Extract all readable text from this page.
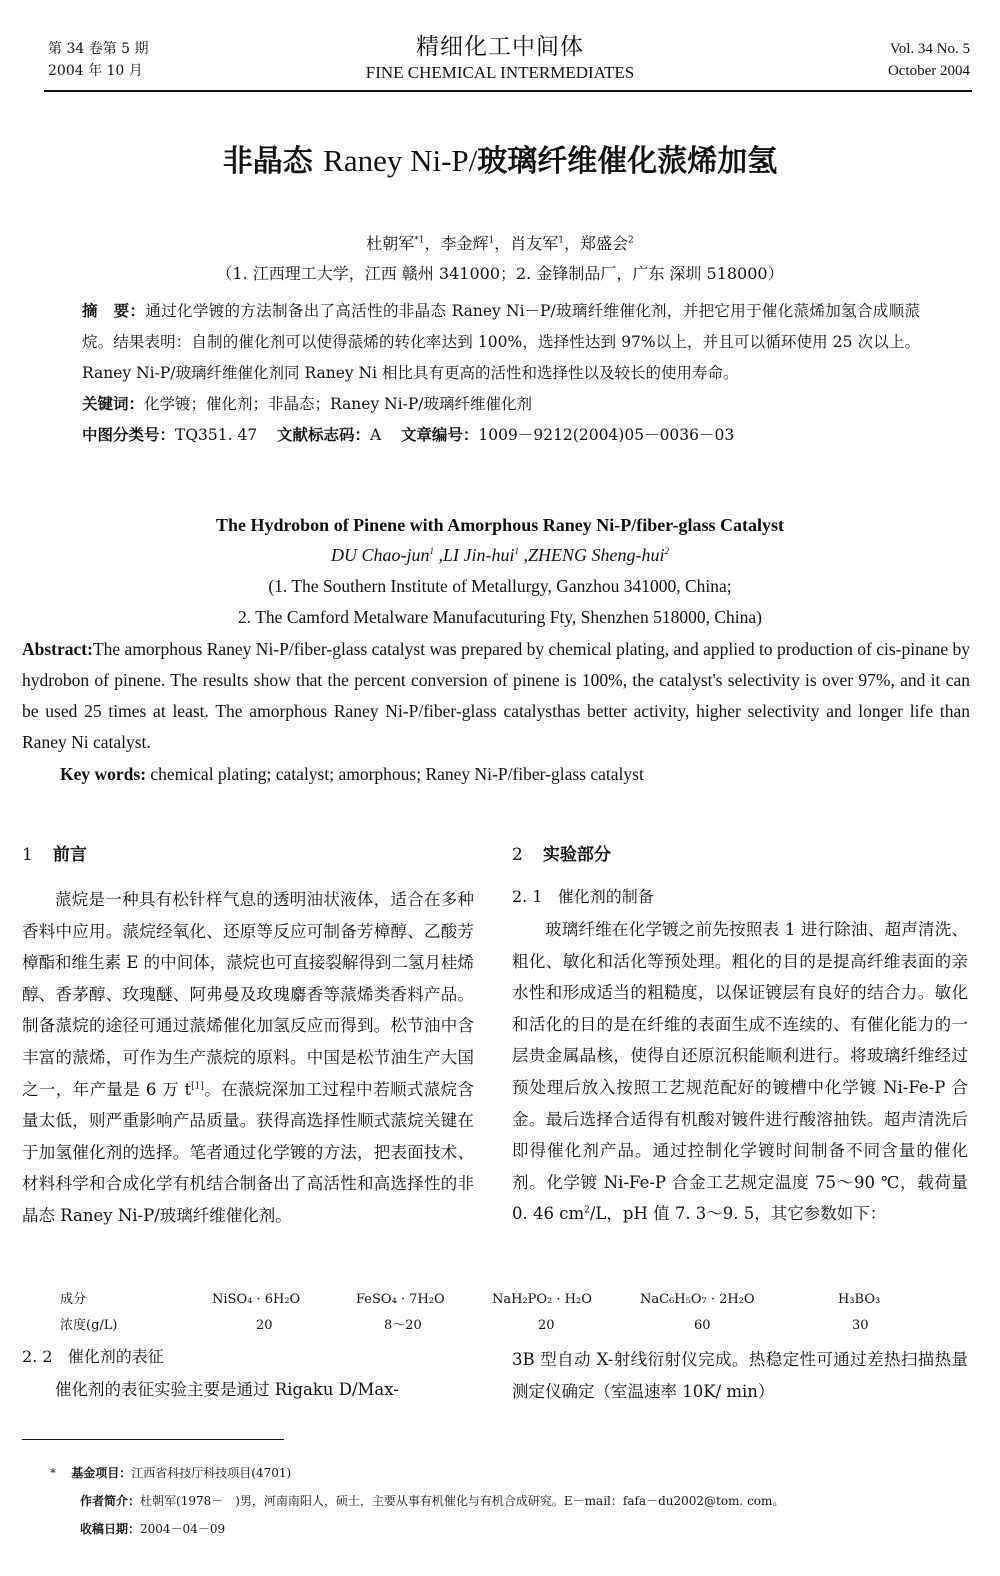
第 34 卷第 5 期
2004 年 10 月
精细化工中间体
FINE CHEMICAL INTERMEDIATES
Vol. 34 No. 5
October 2004
非晶态 Raney Ni-P/玻璃纤维催化蒎烯加氢
杜朝军$^{*1}$，李金辉$^1$，肖友军$^1$，郑盛会$^2$
（1. 江西理工大学，江西 赣州 341000；2. 金锋制品厂，广东 深圳 518000）
摘　要：通过化学镀的方法制备出了高活性的非晶态 Raney Ni－P/玻璃纤维催化剂，并把它用于催化蒎烯加氢合成顺蒎烷。结果表明：自制的催化剂可以使得蒎烯的转化率达到 100%，选择性达到 97%以上，并且可以循环使用 25 次以上。Raney Ni-P/玻璃纤维催化剂同 Raney Ni 相比具有更高的活性和选择性以及较长的使用寿命。
关键词：化学镀；催化剂；非晶态；Raney Ni-P/玻璃纤维催化剂
中图分类号：TQ351. 47 文献标志码：A 文章编号：1009－9212(2004)05－0036－03
The Hydrobon of Pinene with Amorphous Raney Ni-P/fiber-glass Catalyst
DU Chao-jun$^1$ ,LI Jin-hui$^1$ ,ZHENG Sheng-hui$^2$
(1. The Southern Institute of Metallurgy, Ganzhou 341000, China;
2. The Camford Metalware Manufacuturing Fty, Shenzhen 518000, China)
Abstract:The amorphous Raney Ni-P/fiber-glass catalyst was prepared by chemical plating, and applied to production of cis-pinane by hydrobon of pinene. The results show that the percent conversion of pinene is 100%, the catalyst's selectivity is over 97%, and it can be used 25 times at least. The amorphous Raney Ni-P/fiber-glass catalysthas better activity, higher selectivity and longer life than Raney Ni catalyst.
Key words: chemical plating; catalyst; amorphous; Raney Ni-P/fiber-glass catalyst
1 前言

蒎烷是一种具有松针样气息的透明油状液体，适合在多种香料中应用。蒎烷经氧化、还原等反应可制备芳樟醇、乙酸芳樟酯和维生素 E 的中间体，蒎烷也可直接裂解得到二氢月桂烯醇、香茅醇、玫瑰醚、阿弗曼及玫瑰麝香等蒎烯类香料产品。制备蒎烷的途径可通过蒎烯催化加氢反应而得到。松节油中含丰富的蒎烯，可作为生产蒎烷的原料。中国是松节油生产大国之一，年产量是 6 万 t[1]。在蒎烷深加工过程中若顺式蒎烷含量太低，则严重影响产品质量。获得高选择性顺式蒎烷关键在于加氢催化剂的选择。笔者通过化学镀的方法，把表面技术、材料科学和合成化学有机结合制备出了高活性和高选择性的非晶态 Raney Ni-P/玻璃纤维催化剂。

2 实验部分
2. 1 催化剂的制备

玻璃纤维在化学镀之前先按照表 1 进行除油、超声清洗、粗化、敏化和活化等预处理。粗化的目的是提高纤维表面的亲水性和形成适当的粗糙度，以保证镀层有良好的结合力。敏化和活化的目的是在纤维的表面生成不连续的、有催化能力的一层贵金属晶核，使得自还原沉积能顺利进行。将玻璃纤维经过预处理后放入按照工艺规范配好的镀槽中化学镀 Ni-Fe-P 合金。最后选择合适得有机酸对镀件进行酸溶抽铁。超声清洗后即得催化剂产品。通过控制化学镀时间制备不同含量的催化剂。化学镀 Ni-Fe-P 合金工艺规定温度 75～90 ℃，载荷量 0. 46 $cm^2/L$，pH 值 7. 3～9. 5，其它参数如下：

成分
浓度(g/L)
NiSO₄ · 6H₂O
20
FeSO₄ · 7H₂O
8～20
NaH₂PO₂ · H₂O
20
NaC₆H₅O₇ · 2H₂O
60
H₃BO₃
30
2. 2 催化剂的表征

催化剂的表征实验主要是通过 Rigaku D/Max-

3B 型自动 X-射线衍射仪完成。热稳定性可通过差热扫描热量测定仪确定（室温速率 10K/ min）
* 基金项目：江西省科技厅科技项目(4701)
作者简介：杜朝军(1978－　)男，河南南阳人，硕士，主要从事有机催化与有机合成研究。E－mail：fafa－du2002@tom. com。
收稿日期：2004－04－09
